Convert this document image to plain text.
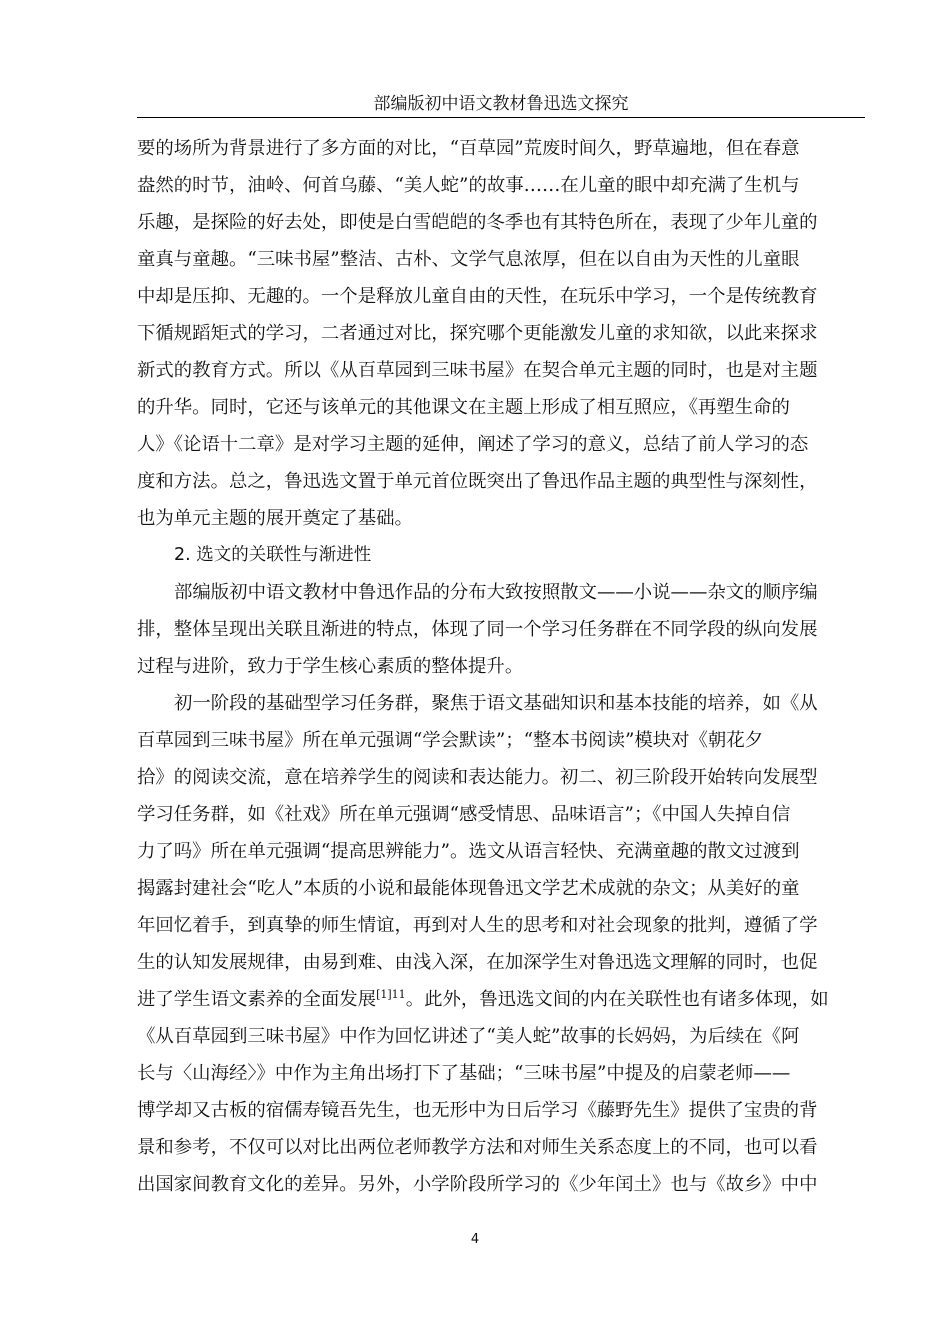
部编版初中语文教材鲁迅选文探究
要的场所为背景进行了多方面的对比，“百草园”荒废时间久，野草遍地，但在春意
盎然的时节，油岭、何首乌藤、“美人蛇”的故事……在儿童的眼中却充满了生机与
乐趣，是探险的好去处，即使是白雪皑皑的冬季也有其特色所在，表现了少年儿童的
童真与童趣。“三味书屋”整洁、古朴、文学气息浓厚，但在以自由为天性的儿童眼
中却是压抑、无趣的。一个是释放儿童自由的天性，在玩乐中学习，一个是传统教育
下循规蹈矩式的学习，二者通过对比，探究哪个更能激发儿童的求知欲，以此来探求
新式的教育方式。所以《从百草园到三味书屋》在契合单元主题的同时，也是对主题
的升华。同时，它还与该单元的其他课文在主题上形成了相互照应，《再塑生命的
人》《论语十二章》是对学习主题的延伸，阐述了学习的意义，总结了前人学习的态
度和方法。总之，鲁迅选文置于单元首位既突出了鲁迅作品主题的典型性与深刻性，
也为单元主题的展开奠定了基础。
2. 选文的关联性与渐进性
部编版初中语文教材中鲁迅作品的分布大致按照散文——小说——杂文的顺序编
排，整体呈现出关联且渐进的特点，体现了同一个学习任务群在不同学段的纵向发展
过程与进阶，致力于学生核心素质的整体提升。
初一阶段的基础型学习任务群，聚焦于语文基础知识和基本技能的培养，如《从
百草园到三味书屋》所在单元强调“学会默读”；“整本书阅读”模块对《朝花夕
拾》的阅读交流，意在培养学生的阅读和表达能力。初二、初三阶段开始转向发展型
学习任务群，如《社戏》所在单元强调“感受情思、品味语言”；《中国人失掉自信
力了吗》所在单元强调“提高思辨能力”。选文从语言轻快、充满童趣的散文过渡到
揭露封建社会“吃人”本质的小说和最能体现鲁迅文学艺术成就的杂文；从美好的童
年回忆着手，到真挚的师生情谊，再到对人生的思考和对社会现象的批判，遵循了学
生的认知发展规律，由易到难、由浅入深，在加深学生对鲁迅选文理解的同时，也促
进了学生语文素养的全面发展$^{[1]11}$。此外，鲁迅选文间的内在关联性也有诸多体现，如
《从百草园到三味书屋》中作为回忆讲述了“美人蛇”故事的长妈妈，为后续在《阿
长与〈山海经〉》中作为主角出场打下了基础；“三味书屋”中提及的启蒙老师——
博学却又古板的宿儒寿镜吾先生，也无形中为日后学习《藤野先生》提供了宝贵的背
景和参考，不仅可以对比出两位老师教学方法和对师生关系态度上的不同，也可以看
出国家间教育文化的差异。另外，小学阶段所学习的《少年闰土》也与《故乡》中中
4
